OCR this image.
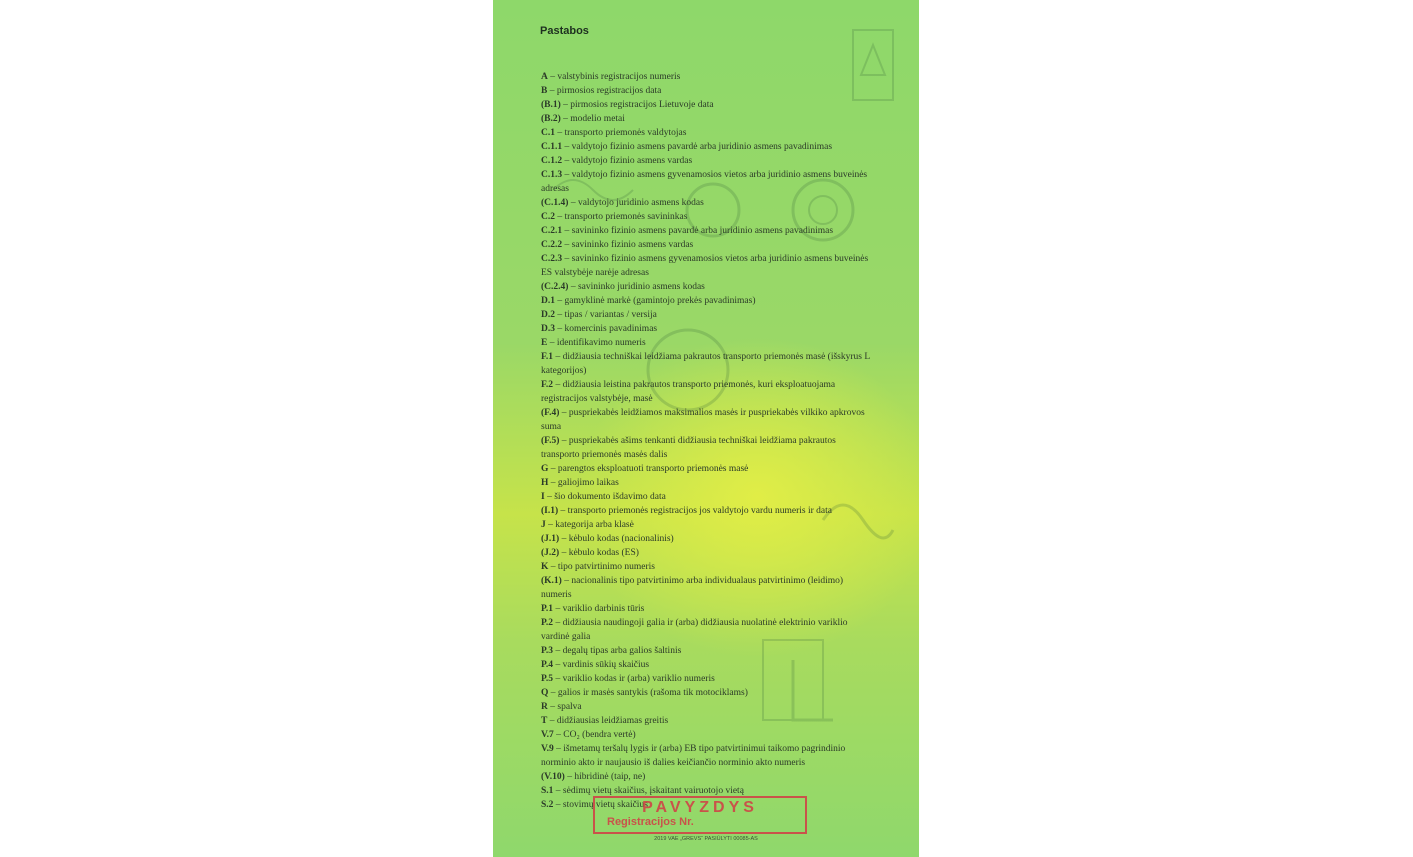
Pastabos

A – valstybinis registracijos numeris

B – pirmosios registracijos data

(B.1) – pirmosios registracijos Lietuvoje data

(B.2) – modelio metai

C.1 – transporto priemonės valdytojas

C.1.1 – valdytojo fizinio asmens pavardė arba juridinio asmens pavadinimas

C.1.2 – valdytojo fizinio asmens vardas

C.1.3 – valdytojo fizinio asmens gyvenamosios vietos arba juridinio asmens buveinės adresas

(C.1.4) – valdytojo juridinio asmens kodas

C.2 – transporto priemonės savininkas

C.2.1 – savininko fizinio asmens pavardė arba juridinio asmens pavadinimas

C.2.2 – savininko fizinio asmens vardas

C.2.3 – savininko fizinio asmens gyvenamosios vietos arba juridinio asmens buveinės ES valstybėje narėje adresas

(C.2.4) – savininko juridinio asmens kodas

D.1 – gamyklinė markė (gamintojo prekės pavadinimas)

D.2 – tipas / variantas / versija

D.3 – komercinis pavadinimas

E – identifikavimo numeris

F.1 – didžiausia techniškai leidžiama pakrautos transporto priemonės masė (išskyrus L kategorijos)

F.2 – didžiausia leistina pakrautos transporto priemonės, kuri eksploatuojama registracijos valstybėje, masė

(F.4) – puspriekabės leidžiamos maksimalios masės ir puspriekabės vilkiko apkrovos suma

(F.5) – puspriekabės ašims tenkanti didžiausia techniškai leidžiama pakrautos transporto priemonės masės dalis

G – parengtos eksploatuoti transporto priemonės masė

H – galiojimo laikas

I – šio dokumento išdavimo data

(I.1) – transporto priemonės registracijos jos valdytojo vardu numeris ir data

J – kategorija arba klasė

(J.1) – kėbulo kodas (nacionalinis)

(J.2) – kėbulo kodas (ES)

K – tipo patvirtinimo numeris

(K.1) – nacionalinis tipo patvirtinimo arba individualaus patvirtinimo (leidimo) numeris

P.1 – variklio darbinis tūris

P.2 – didžiausia naudingoji galia ir (arba) didžiausia nuolatinė elektrinio variklio vardinė galia

P.3 – degalų tipas arba galios šaltinis

P.4 – vardinis sūkių skaičius

P.5 – variklio kodas ir (arba) variklio numeris

Q – galios ir masės santykis (rašoma tik motociklams)

R – spalva

T – didžiausias leidžiamas greitis

V.7 – CO₂ (bendra vertė)

V.9 – išmetamų teršalų lygis ir (arba) EB tipo patvirtinimui taikomo pagrindinio norminio akto ir naujausio iš dalies keičiančio norminio akto numeris

(V.10) – hibridinė (taip, ne)

S.1 – sėdimų vietų skaičius, įskaitant vairuotojo vietą

S.2 – stovimų vietų skaičius

PAVYZDYS
Registracijos Nr.
2019 VAE „GREVS“ PASIŪLYTI 00085-AS
